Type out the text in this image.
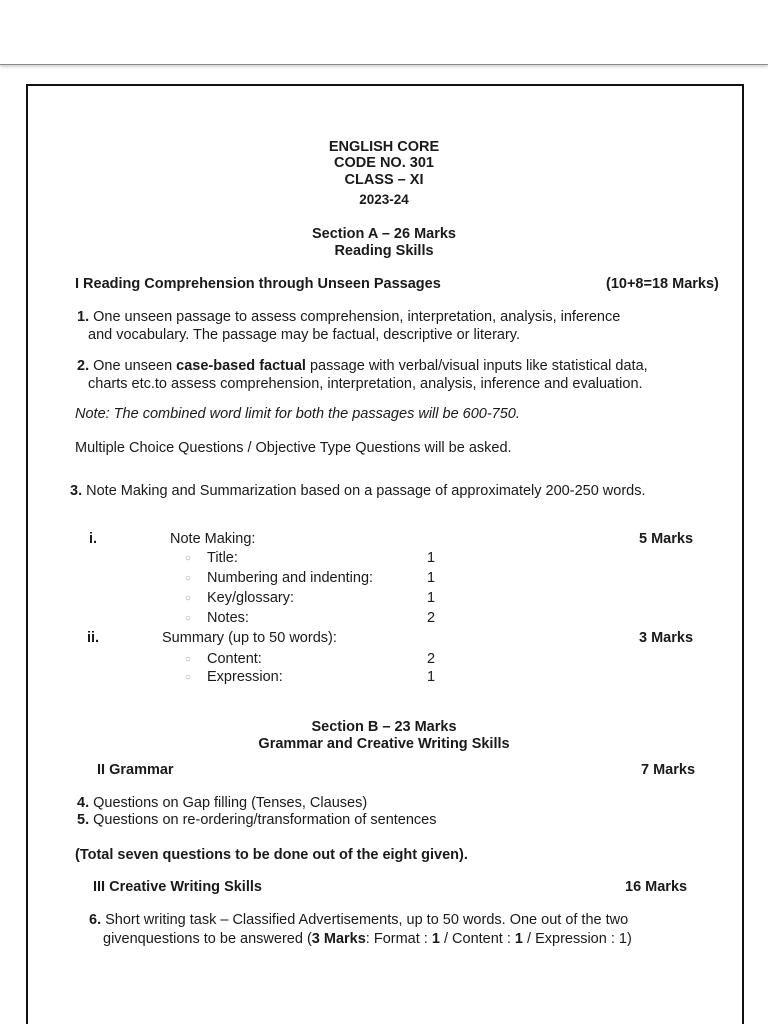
ENGLISH CORE
CODE NO. 301
CLASS – XI
2023-24
Section A – 26 Marks
Reading Skills
I Reading Comprehension through Unseen Passages	(10+8=18 Marks)
1. One unseen passage to assess comprehension, interpretation, analysis, inference
and vocabulary. The passage may be factual, descriptive or literary.
2. One unseen case-based factual passage with verbal/visual inputs like statistical data,
charts etc.to assess comprehension, interpretation, analysis, inference and evaluation.
Note: The combined word limit for both the passages will be 600-750.
Multiple Choice Questions / Objective Type Questions will be asked.
3. Note Making and Summarization based on a passage of approximately 200-250 words.
i.	Note Making:	5 Marks
○ Title:	1
○ Numbering and indenting:	1
○ Key/glossary:	1
○ Notes:	2
ii.	Summary (up to 50 words):	3 Marks
○ Content:	2
○ Expression:	1
Section B – 23 Marks
Grammar and Creative Writing Skills
II Grammar	7 Marks
4. Questions on Gap filling (Tenses, Clauses)
5. Questions on re-ordering/transformation of sentences
(Total seven questions to be done out of the eight given).
III Creative Writing Skills	16 Marks
6. Short writing task – Classified Advertisements, up to 50 words. One out of the two
givenquestions to be answered (3 Marks: Format : 1 / Content : 1 / Expression : 1)
